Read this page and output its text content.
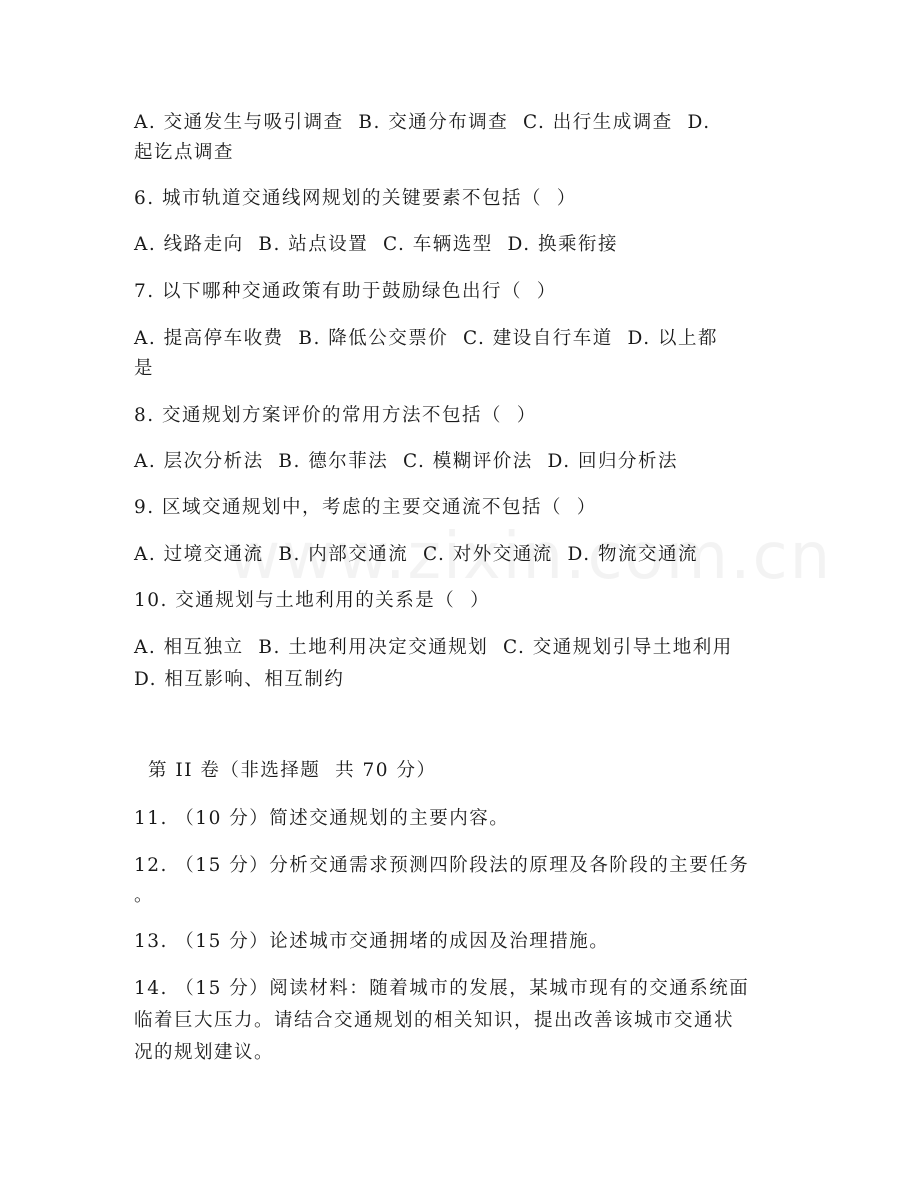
A. 交通发生与吸引调查  B. 交通分布调查  C. 出行生成调查  D.
起讫点调查
6. 城市轨道交通线网规划的关键要素不包括（  ）
A. 线路走向  B. 站点设置  C. 车辆选型  D. 换乘衔接
7. 以下哪种交通政策有助于鼓励绿色出行（  ）
A. 提高停车收费  B. 降低公交票价  C. 建设自行车道  D. 以上都
是
8. 交通规划方案评价的常用方法不包括（  ）
A. 层次分析法  B. 德尔菲法  C. 模糊评价法  D. 回归分析法
9. 区域交通规划中，考虑的主要交通流不包括（  ）
A. 过境交通流  B. 内部交通流  C. 对外交通流  D. 物流交通流
10. 交通规划与土地利用的关系是（  ）
A. 相互独立  B. 土地利用决定交通规划  C. 交通规划引导土地利用
D. 相互影响、相互制约
第 II 卷（非选择题  共 70 分）
11. （10 分）简述交通规划的主要内容。
12. （15 分）分析交通需求预测四阶段法的原理及各阶段的主要任务
。
13. （15 分）论述城市交通拥堵的成因及治理措施。
14. （15 分）阅读材料：随着城市的发展，某城市现有的交通系统面
临着巨大压力。请结合交通规划的相关知识，提出改善该城市交通状
况的规划建议。
